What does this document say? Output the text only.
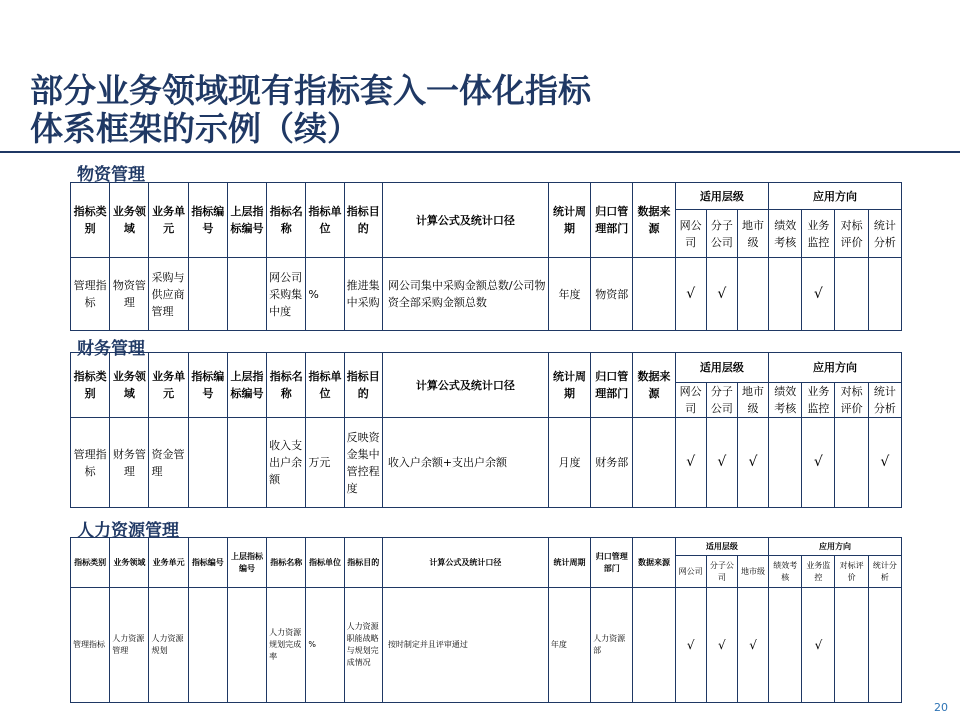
部分业务领域现有指标套入一体化指标
体系框架的示例（续）
物资管理
指标类别	业务领域	业务单元	指标编号	上层指标编号	指标名称	指标单位	指标目的	计算公式及统计口径	统计周期	归口管理部门	数据来源	适用层级			应用方向			
												网公司	分子公司	地市级	绩效考核	业务监控	对标评价	统计分析
管理指标	物资管理	采购与供应商管理			网公司采购集中度	%	推进集中采购	网公司集中采购金额总数/公司物资全部采购金额总数	年度	物资部		√	√			√		
财务管理
指标类别	业务领域	业务单元	指标编号	上层指标编号	指标名称	指标单位	指标目的	计算公式及统计口径	统计周期	归口管理部门	数据来源	适用层级			应用方向			
												网公司	分子公司	地市级	绩效考核	业务监控	对标评价	统计分析
管理指标	财务管理	资金管理			收入支出户余额	万元	反映资金集中管控程度	收入户余额+支出户余额	月度	财务部		√	√	√		√		√
人力资源管理
指标类别	业务领域	业务单元	指标编号	上层指标编号	指标名称	指标单位	指标目的	计算公式及统计口径	统计周期	归口管理部门	数据来源	适用层级			应用方向			
												网公司	分子公司	地市级	绩效考核	业务监控	对标评价	统计分析
管理指标	人力资源管理	人力资源规划			人力资源规划完成率	%	人力资源职能战略与规划完成情况	按时制定并且评审通过	年度	人力资源部		√	√	√		√		
20
